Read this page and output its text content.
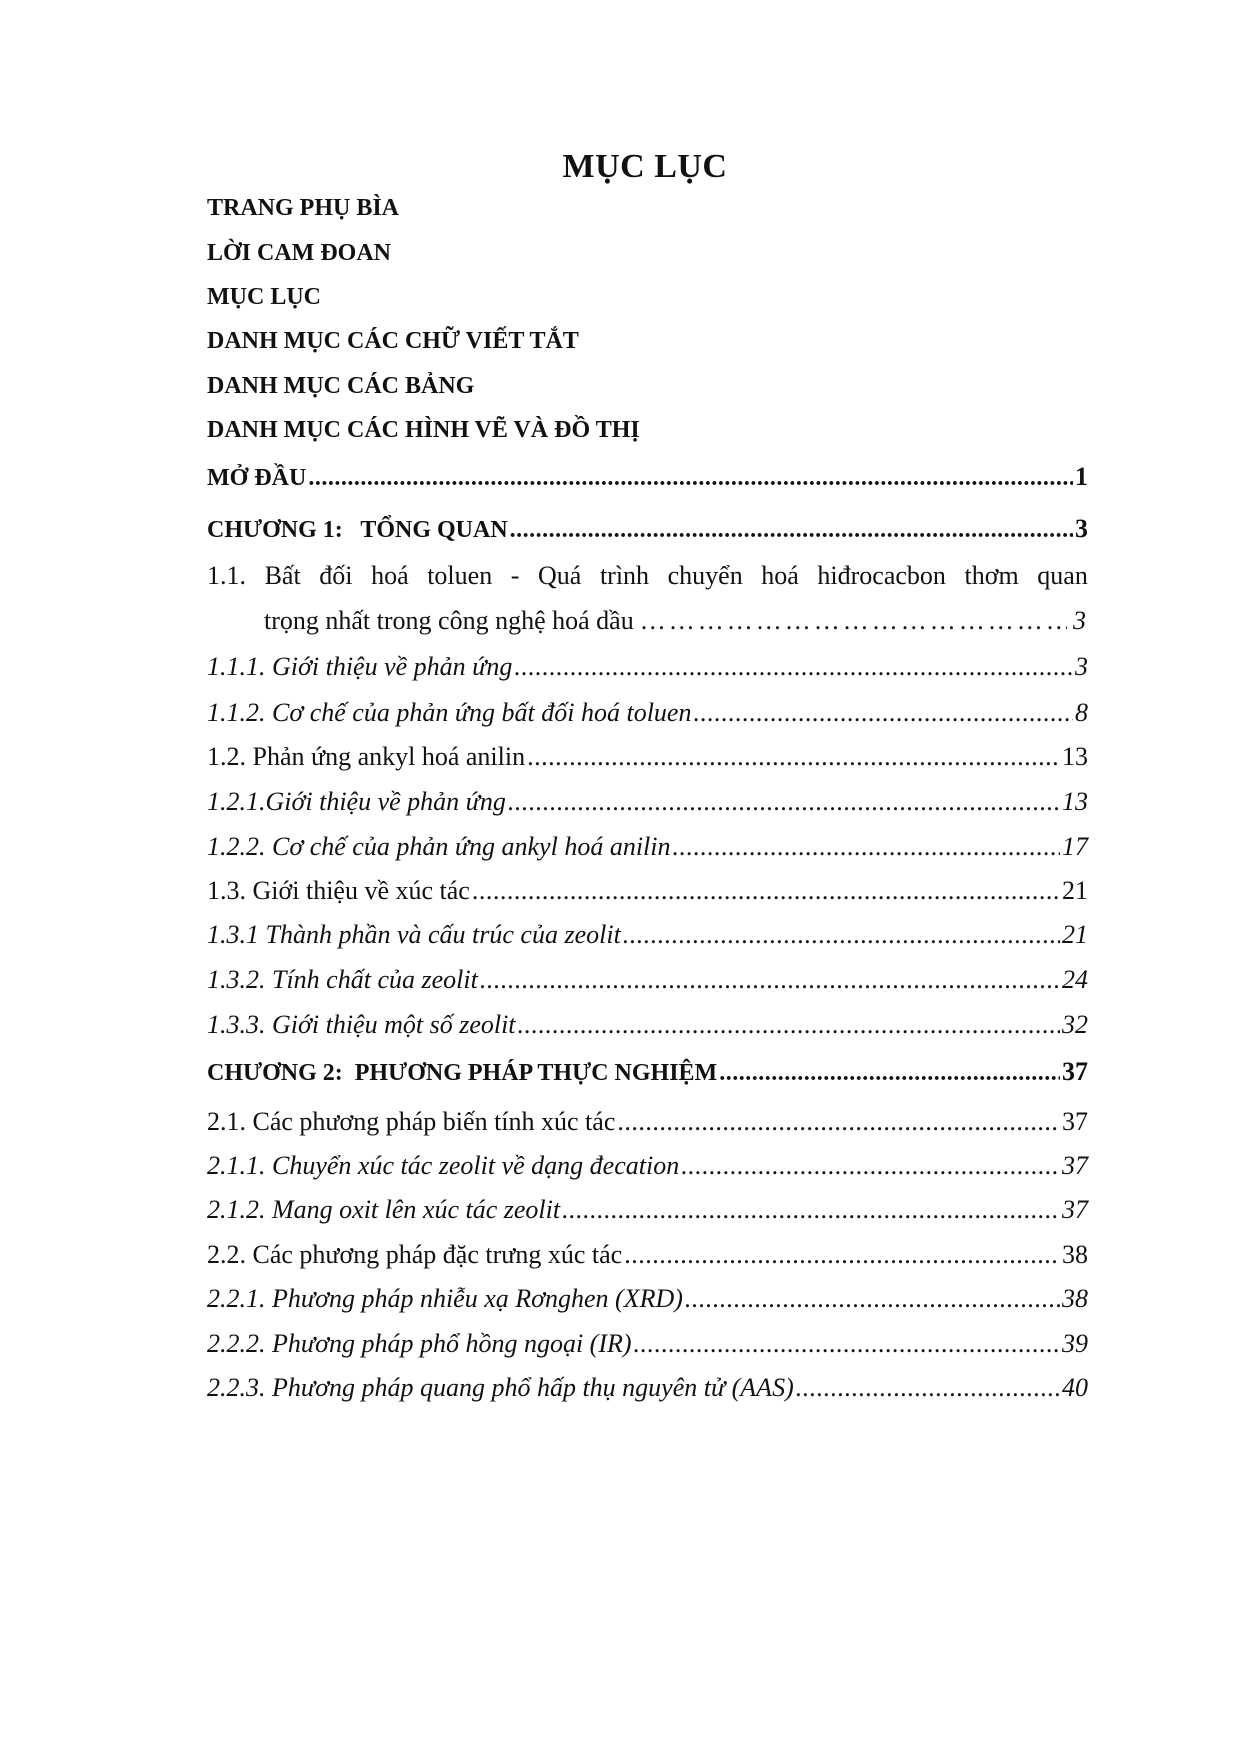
MỤC LỤC
TRANG PHỤ BÌA
LỜI CAM ĐOAN
MỤC LỤC
DANH MỤC CÁC CHỮ VIẾT TẮT
DANH MỤC CÁC BẢNG
DANH MỤC CÁC HÌNH VẼ VÀ ĐỒ THỊ
MỞ ĐẦU .....	1
CHƯƠNG 1:   TỔNG QUAN .....	3
1.1. Bất đối hoá toluen - Quá trình chuyển hoá hiđrocacbon thơm quan
trọng nhất trong công nghệ hoá dầu ………………………………………………………………………………………………………	3
1.1.1. Giới thiệu về phản ứng .....	3
1.1.2. Cơ chế của phản ứng bất đối hoá toluen .....	8
1.2. Phản ứng ankyl hoá anilin .....	13
1.2.1.Giới thiệu về phản ứng .....	13
1.2.2. Cơ chế của phản ứng ankyl hoá anilin .....	17
1.3. Giới thiệu về xúc tác .....	21
1.3.1 Thành phần và cấu trúc của zeolit .....	21
1.3.2. Tính chất của zeolit .....	24
1.3.3. Giới thiệu một số zeolit .....	32
CHƯƠNG 2:  PHƯƠNG PHÁP THỰC NGHIỆM .....	37
2.1. Các phương pháp biến tính xúc tác .....	37
2.1.1. Chuyển xúc tác zeolit về dạng đecation .....	37
2.1.2. Mang oxit lên xúc tác zeolit .....	37
2.2. Các phương pháp đặc trưng xúc tác .....	38
2.2.1. Phương pháp nhiễu xạ Rơnghen (XRD) .....	38
2.2.2. Phương pháp phổ hồng ngoại (IR) .....	39
2.2.3. Phương pháp quang phổ hấp thụ nguyên tử (AAS) .....	40
